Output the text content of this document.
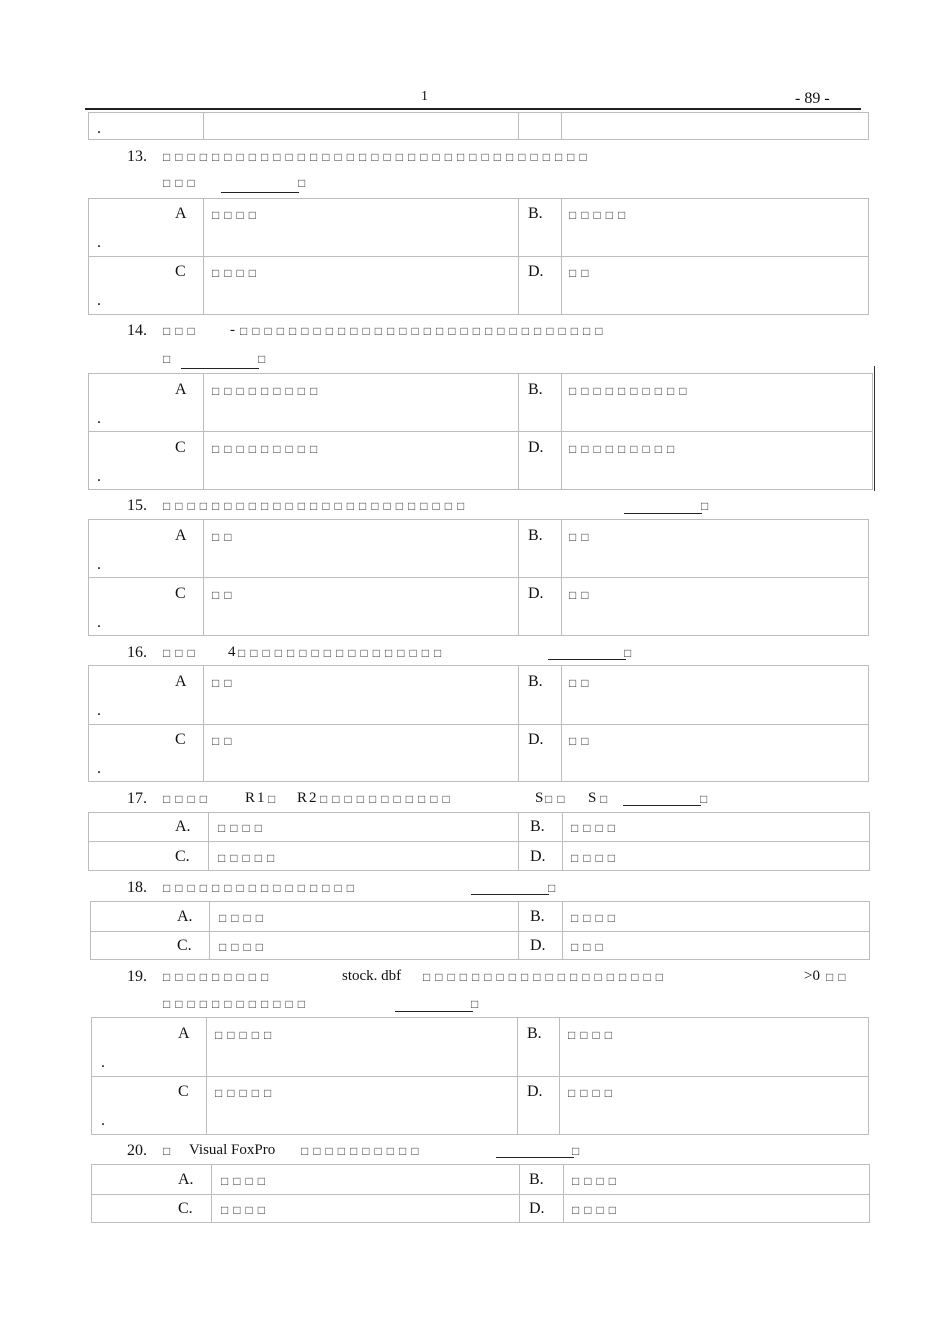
1	- 89 -
.
13. □□□□□□□□□□□□□□□□□□□□□□□□□□□□□□□□□□□
□□□	□
A
.
□□□□	B. □□□□□
C
.
□□□□	D. □□
14. □□□ - □□□□□□□□□□□□□□□□□□□□□□□□□□□□□□
□	□
A
.
□□□□□□□□□	B. □□□□□□□□□□
C
.
□□□□□□□□□	D. □□□□□□□□□
15. □□□□□□□□□□□□□□□□□□□□□□□□□	□
A
.
□□	B. □□
C
.
□□	D. □□
16. □□□ 4 □□□□□□□□□□□□□□□□□	□
A
.
□□	B. □□
C
.
□□	D. □□
17. □□□□ R1 □ R2 □□□□□□□□□□□	S □□ S □	□
A. □□□□	B. □□□□
C. □□□□□	D. □□□□
18. □□□□□□□□□□□□□□□□	□
A. □□□□	B. □□□□
C. □□□□	D. □□□
19. □□□□□□□□□	stock. dbf □□□□□□□□□□□□□□□□□□□□	>0 □□
□□□□□□□□□□□□	□
A
.
□□□□□	B. □□□□
C
.
□□□□□	D. □□□□
20. □ Visual FoxPro □□□□□□□□□□	□
A. □□□□	B. □□□□
C. □□□□	D. □□□□
